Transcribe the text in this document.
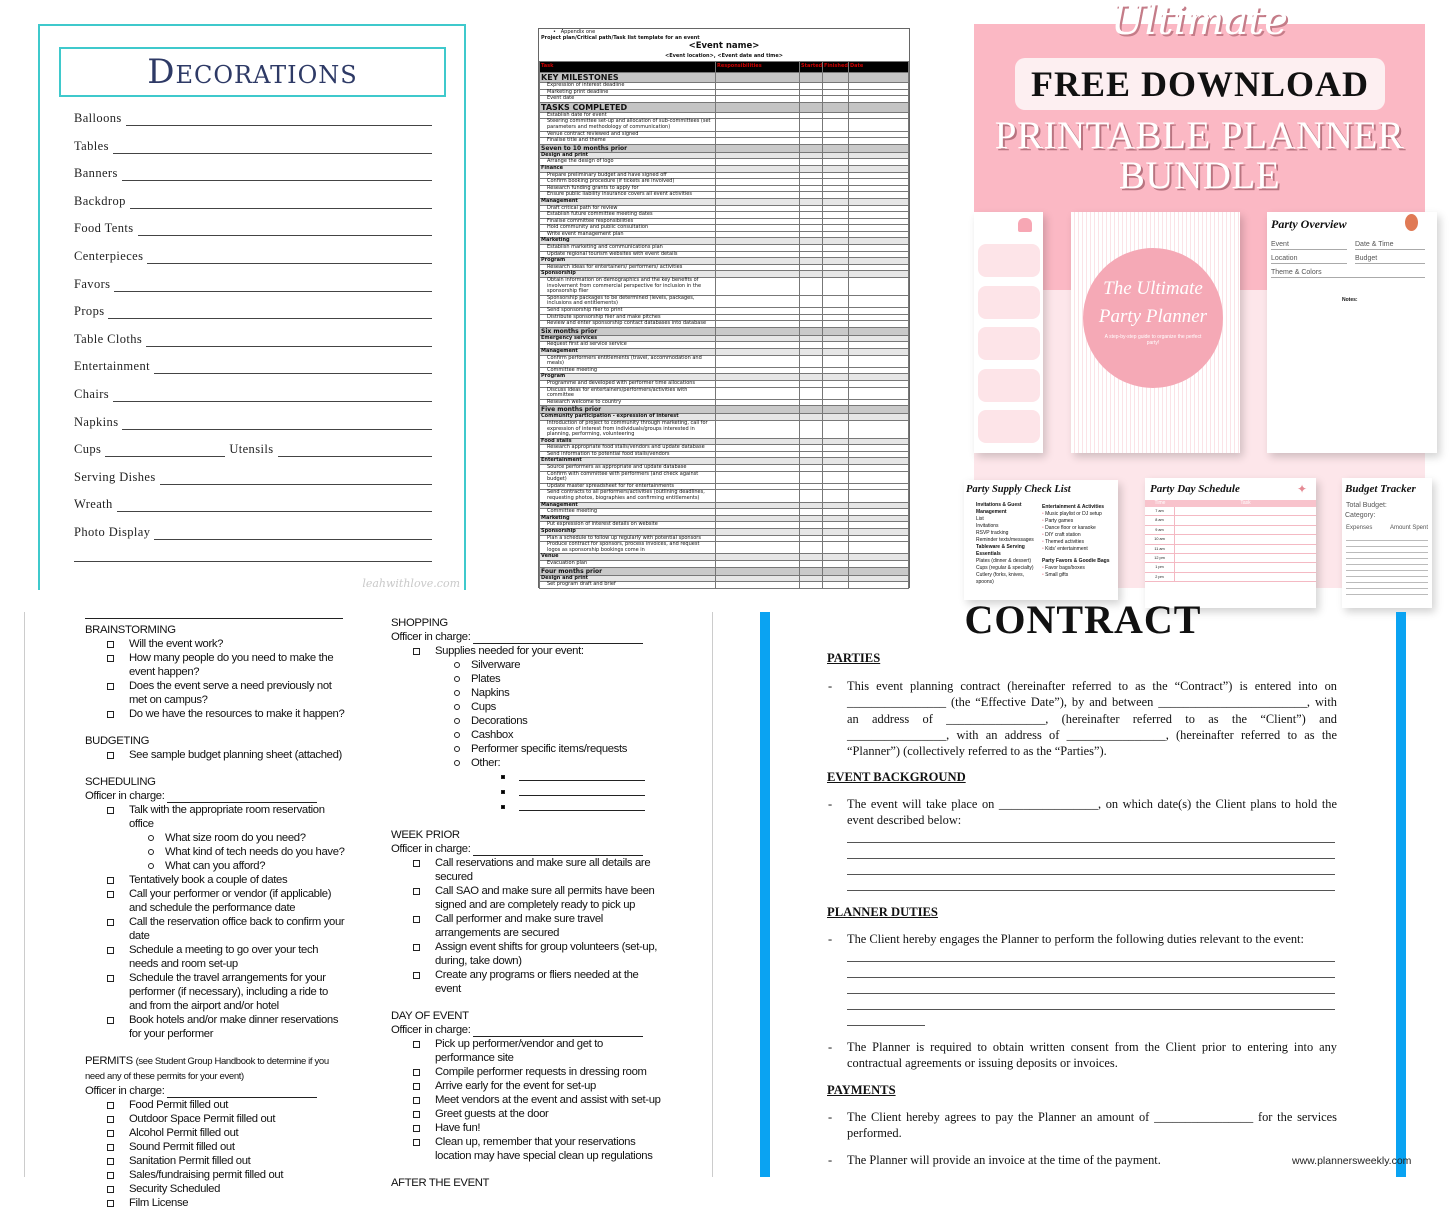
Decorations
Balloons
Tables
Banners
Backdrop
Food Tents
Centerpieces
Favors
Props
Table Cloths
Entertainment
Chairs
Napkins
Cups	Utensils
Serving Dishes
Wreath
Photo Display
leahwithlove.com
•   Appendix one
Project plan/Critical path/Task list template for an event
<Event name>
<Event location>, <Event date and time>
Task	Responsibilities	Started	Finished	Date
KEY MILESTONES				
Expression of interest deadline				
Marketing print deadline				
Event date				
TASKS COMPLETED				
Establish date for event				
Steering committee set-up and allocation of sub-committees (set parameters and methodology of communication)				
Venue contract reviewed and signed				
Finalise title and theme				
Seven to 10 months prior				
Design and print				
Arrange the design of logo				
Finance				
Prepare preliminary budget and have signed off				
Confirm booking procedure (if tickets are involved)				
Research funding grants to apply for				
Ensure public liability insurance covers all event activities				
Management				
Draft critical path for review				
Establish future committee meeting dates				
Finalise committee responsibilities				
Hold community and public consultation				
Write event management plan				
Marketing				
Establish marketing and communications plan				
Update regional tourism websites with event details				
Program				
Research ideas for entertainers/ performers/ activities				
Sponsorship				
Obtain information on demographics and the key benefits of involvement from commercial perspective for inclusion in the sponsorship flier				
Sponsorship packages to be determined (levels, packages, inclusions and entitlements)				
Send sponsorship flier to print				
Distribute sponsorship flier and make pitches				
Review and enter sponsorship contact databases into database				
Six months prior				
Emergency services				
Request first aid service service				
Management				
Confirm performers entitlements (travel, accommodation and meals)				
Committee meeting				
Program				
Programme and developed with performer time allocations				
Discuss ideas for entertainers/performers/activities with committee				
Research welcome to country				
Five months prior				
Community participation - expression of interest				
Introduction of project to community through marketing, call for expression of interest from individuals/groups interested in planning, performing, volunteering				
Food stalls				
Research appropriate food stalls/vendors and update database				
Send information to potential food stalls/vendors				
Entertainment				
Source performers as appropriate and update database				
Confirm with committee with performers (and check against budget)				
Update master spreadsheet for for entertainments				
Send contracts to all performers/activities (outlining deadlines, requesting photos, biographies and confirming entitlements)				
Management				
Committee meeting				
Marketing				
Put expression of interest details on website				
Sponsorship				
Plan a schedule to follow up regularly with potential sponsors				
Produce contract for sponsors, process invoices, and request logos as sponsorship bookings come in				
Venue				
Evacuation plan				
Four months prior				
Design and print				
Set program draft and brief				
Ultimate
FREE DOWNLOAD
PRINTABLE PLANNER
BUNDLE
The Ultimate
Party Planner
A step-by-step guide to organize the perfect party!
Party Overview
Event	Date & Time
Location	Budget
Theme & Colors
Notes:
Party Supply Check List
Invitations & Guest
Management
List
Invitations
RSVP tracking
Reminder texts/messages
Tableware & Serving Essentials
Plates (dinner & dessert)
Cups (regular & specialty)
Cutlery (forks, knives, spoons)
Entertainment & Activities
• Music playlist or DJ setup
• Party games
• Dance floor or karaoke
• DIY craft station
• Themed activities
• Kids' entertainment
Party Favors & Goodie Bags
• Favor bags/boxes
• Small gifts
Party Day Schedule	✦
Time	Task
7 am
8 am
9 am
10 am
11 am
12 pm
1 pm
2 pm
Budget Tracker
Total Budget:
Category:
Expenses	Amount Spent
BRAINSTORMING
Will the event work?
How many people do you need to make the event happen?
Does the event serve a need previously not met on campus?
Do we have the resources to make it happen?
BUDGETING
See sample budget planning sheet (attached)
SCHEDULING
Officer in charge:
Talk with the appropriate room reservation office
What size room do you need?
What kind of tech needs do you have?
What can you afford?
Tentatively book a couple of dates
Call your performer or vendor (if applicable) and schedule the performance date
Call the reservation office back to confirm your date
Schedule a meeting to go over your tech needs and room set-up
Schedule the travel arrangements for your performer (if necessary), including a ride to and from the airport and/or hotel
Book hotels and/or make dinner reservations for your performer
PERMITS (see Student Group Handbook to determine if you need any of these permits for your event)
Officer in charge:
Food Permit filled out
Outdoor Space Permit filled out
Alcohol Permit filled out
Sound Permit filled out
Sanitation Permit filled out
Sales/fundraising permit filled out
Security Scheduled
Film License
SHOPPING
Officer in charge:
Supplies needed for your event:
Silverware
Plates
Napkins
Cups
Decorations
Cashbox
Performer specific items/requests
Other:
WEEK PRIOR
Officer in charge:
Call reservations and make sure all details are secured
Call SAO and make sure all permits have been signed and are completely ready to pick up
Call performer and make sure travel arrangements are secured
Assign event shifts for group volunteers (set-up, during, take down)
Create any programs or fliers needed at the event
DAY OF EVENT
Officer in charge:
Pick up performer/vendor and get to performance site
Compile performer requests in dressing room
Arrive early for the event for set-up
Meet vendors at the event and assist with set-up
Greet guests at the door
Have fun!
Clean up, remember that your reservations location may have special clean up regulations
AFTER THE EVENT
CONTRACT
PARTIES
- This event planning contract (hereinafter referred to as the “Contract”) is entered into on ________________ (the “Effective Date”), by and between ________________________, with an address of ________________, (hereinafter referred to as the “Client”) and ________________, with an address of ________________, (hereinafter referred to as the “Planner”) (collectively referred to as the “Parties”).
EVENT BACKGROUND
- The event will take place on ________________, on which date(s) the Client plans to hold the event described below:
PLANNER DUTIES
- The Client hereby engages the Planner to perform the following duties relevant to the event:
- The Planner is required to obtain written consent from the Client prior to entering into any contractual agreements or issuing deposits or invoices.
PAYMENTS
- The Client hereby agrees to pay the Planner an amount of ________________ for the services performed.
- The Planner will provide an invoice at the time of the payment.	www.plannersweekly.com
